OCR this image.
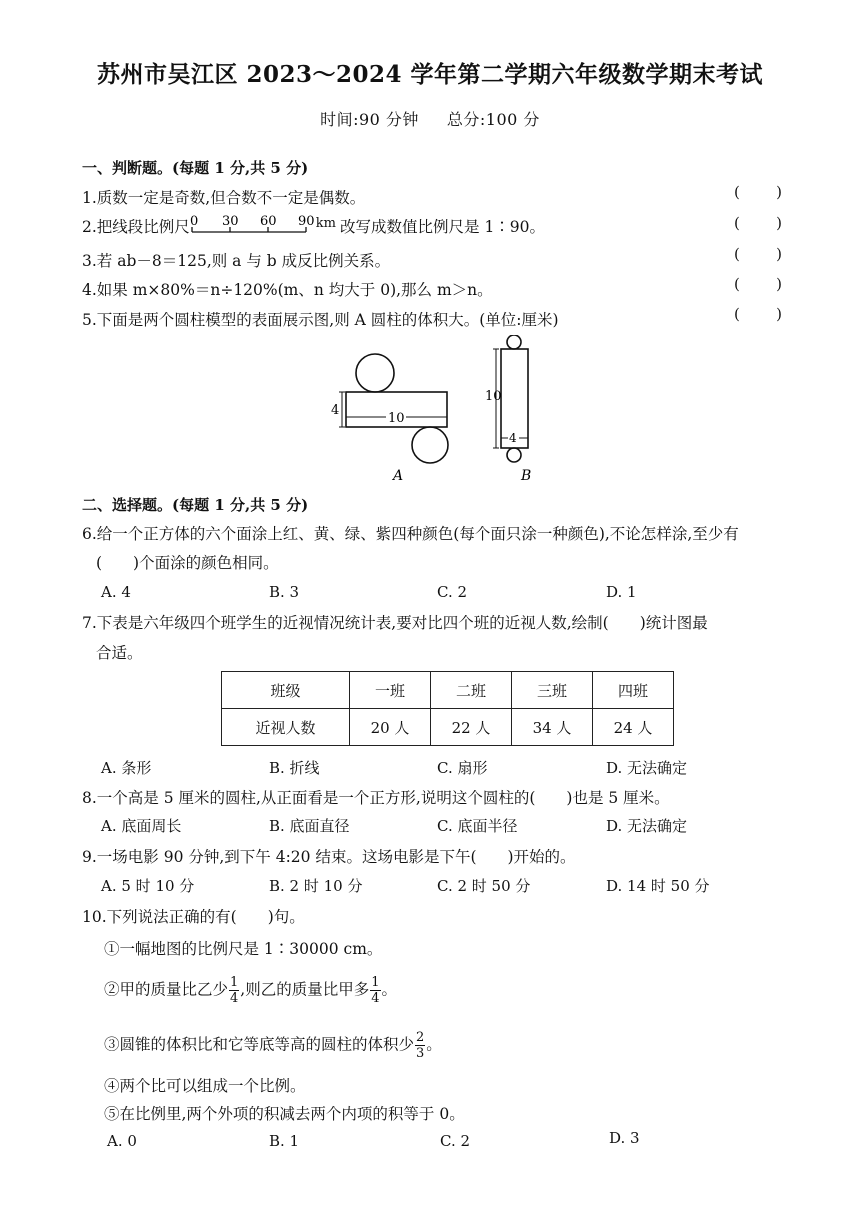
苏州市吴江区 2023～2024 学年第二学期六年级数学期末考试
时间:90 分钟 总分:100 分
一、判断题。(每题 1 分,共 5 分)
1.质数一定是奇数,但合数不一定是偶数。	( )
2.把线段比例尺 0 30 60 90 $^{km}$ 改写成数值比例尺是 1∶90。	( )
3.若 ab－8＝125,则 a 与 b 成反比例关系。	( )
4.如果 m×80%＝n÷120%(m、n 均大于 0),那么 m＞n。	( )
5.下面是两个圆柱模型的表面展示图,则 A 圆柱的体积大。(单位:厘米)	( )
4
10
A
10
4
B
二、选择题。(每题 1 分,共 5 分)
6.给一个正方体的六个面涂上红、黄、绿、紫四种颜色(每个面只涂一种颜色),不论怎样涂,至少有
(　　)个面涂的颜色相同。
A. 4	B. 3	C. 2	D. 1
7.下表是六年级四个班学生的近视情况统计表,要对比四个班的近视人数,绘制(　　)统计图最
合适。
班级	一班	二班	三班	四班
近视人数	20 人	22 人	34 人	24 人
A. 条形	B. 折线	C. 扇形	D. 无法确定
8.一个高是 5 厘米的圆柱,从正面看是一个正方形,说明这个圆柱的(　　)也是 5 厘米。
A. 底面周长	B. 底面直径	C. 底面半径	D. 无法确定
9.一场电影 90 分钟,到下午 4:20 结束。这场电影是下午(　　)开始的。
A. 5 时 10 分	B. 2 时 10 分	C. 2 时 50 分	D. 14 时 50 分
10.下列说法正确的有(　　)句。
①一幅地图的比例尺是 1∶30000 cm。
②甲的质量比乙少 $\frac{1}{4}$ ,则乙的质量比甲多 $\frac{1}{4}$ 。
③圆锥的体积比和它等底等高的圆柱的体积少 $\frac{2}{3}$ 。
④两个比可以组成一个比例。
⑤在比例里,两个外项的积减去两个内项的积等于 0。
A. 0	B. 1	C. 2	D. 3
